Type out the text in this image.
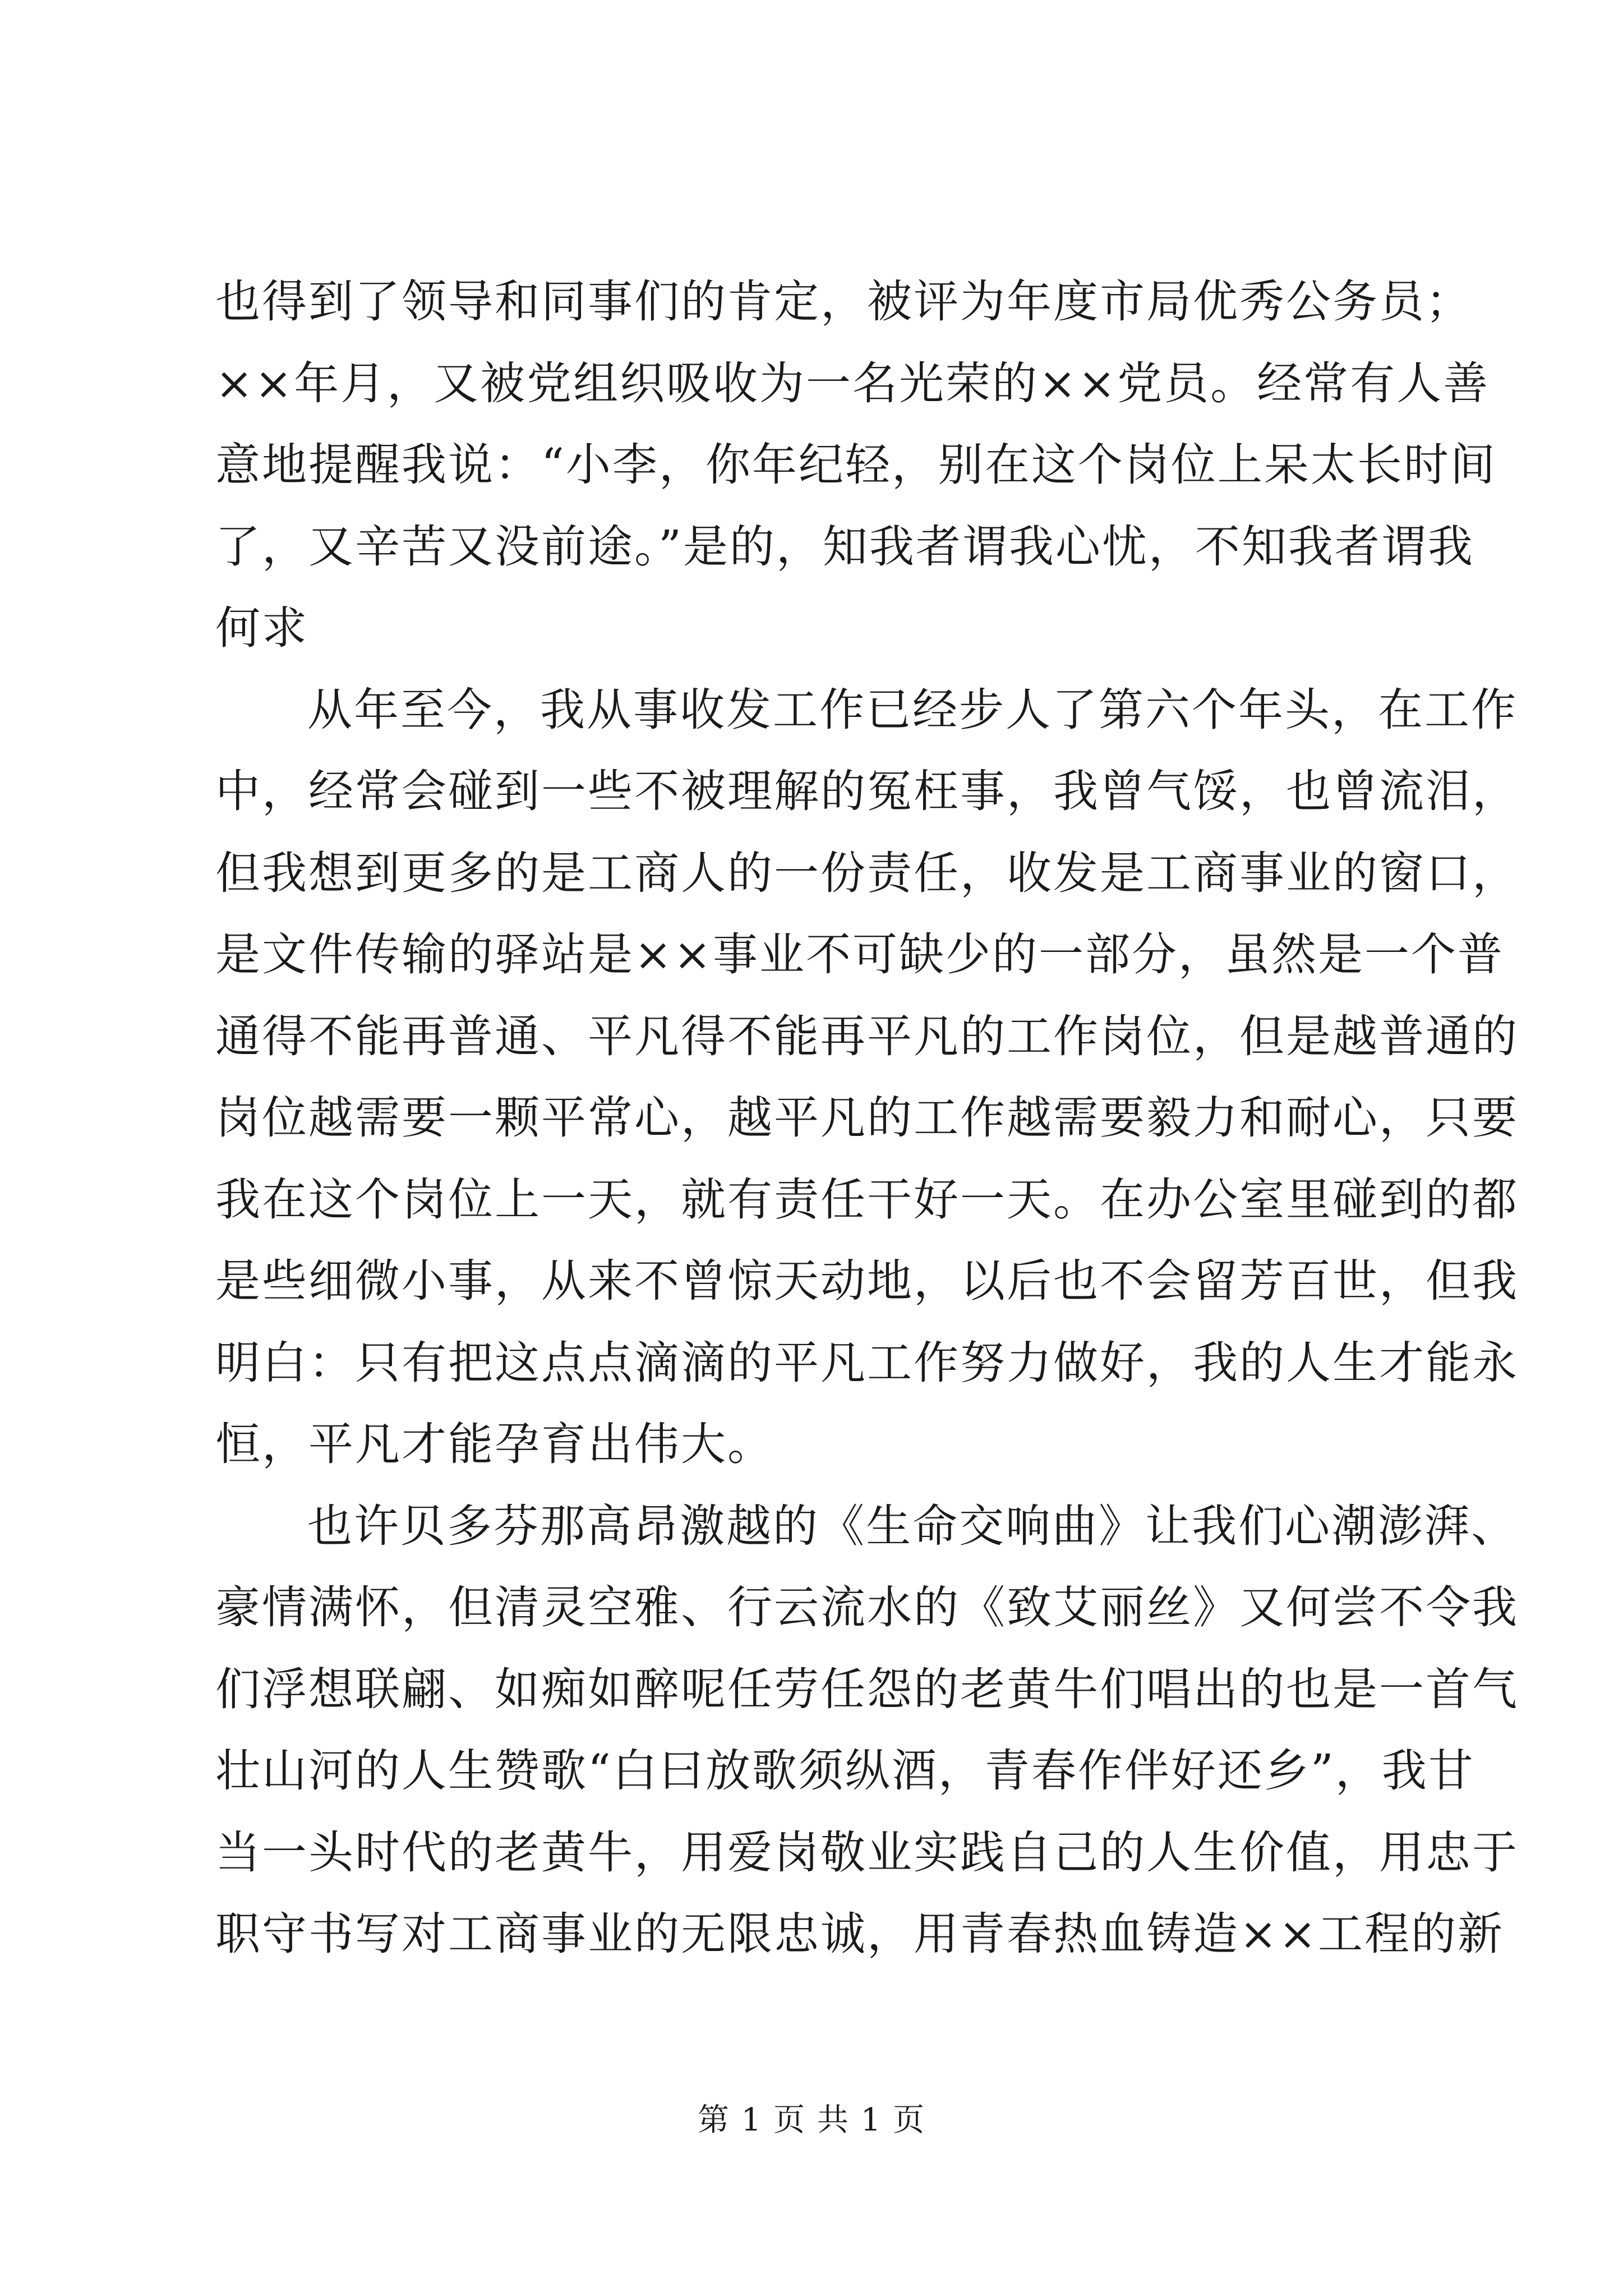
也得到了领导和同事们的肯定，被评为年度市局优秀公务员；
××年月，又被党组织吸收为一名光荣的××党员。经常有人善
意地提醒我说：“小李，你年纪轻，别在这个岗位上呆太长时间
了，又辛苦又没前途。”是的，知我者谓我心忧，不知我者谓我
何求
从年至今，我从事收发工作已经步人了第六个年头，在工作
中，经常会碰到一些不被理解的冤枉事，我曾气馁，也曾流泪，
但我想到更多的是工商人的一份责任，收发是工商事业的窗口，
是文件传输的驿站是××事业不可缺少的一部分，虽然是一个普
通得不能再普通、平凡得不能再平凡的工作岗位，但是越普通的
岗位越需要一颗平常心，越平凡的工作越需要毅力和耐心，只要
我在这个岗位上一天，就有责任干好一天。在办公室里碰到的都
是些细微小事，从来不曾惊天动地，以后也不会留芳百世，但我
明白：只有把这点点滴滴的平凡工作努力做好，我的人生才能永
恒，平凡才能孕育出伟大。
也许贝多芬那高昂激越的《生命交响曲》让我们心潮澎湃、
豪情满怀，但清灵空雅、行云流水的《致艾丽丝》又何尝不令我
们浮想联翩、如痴如醉呢任劳任怨的老黄牛们唱出的也是一首气
壮山河的人生赞歌“白曰放歌须纵酒，青春作伴好还乡”，我甘
当一头时代的老黄牛，用爱岗敬业实践自己的人生价值，用忠于
职守书写对工商事业的无限忠诚，用青春热血铸造××工程的新
第 1 页 共 1 页
